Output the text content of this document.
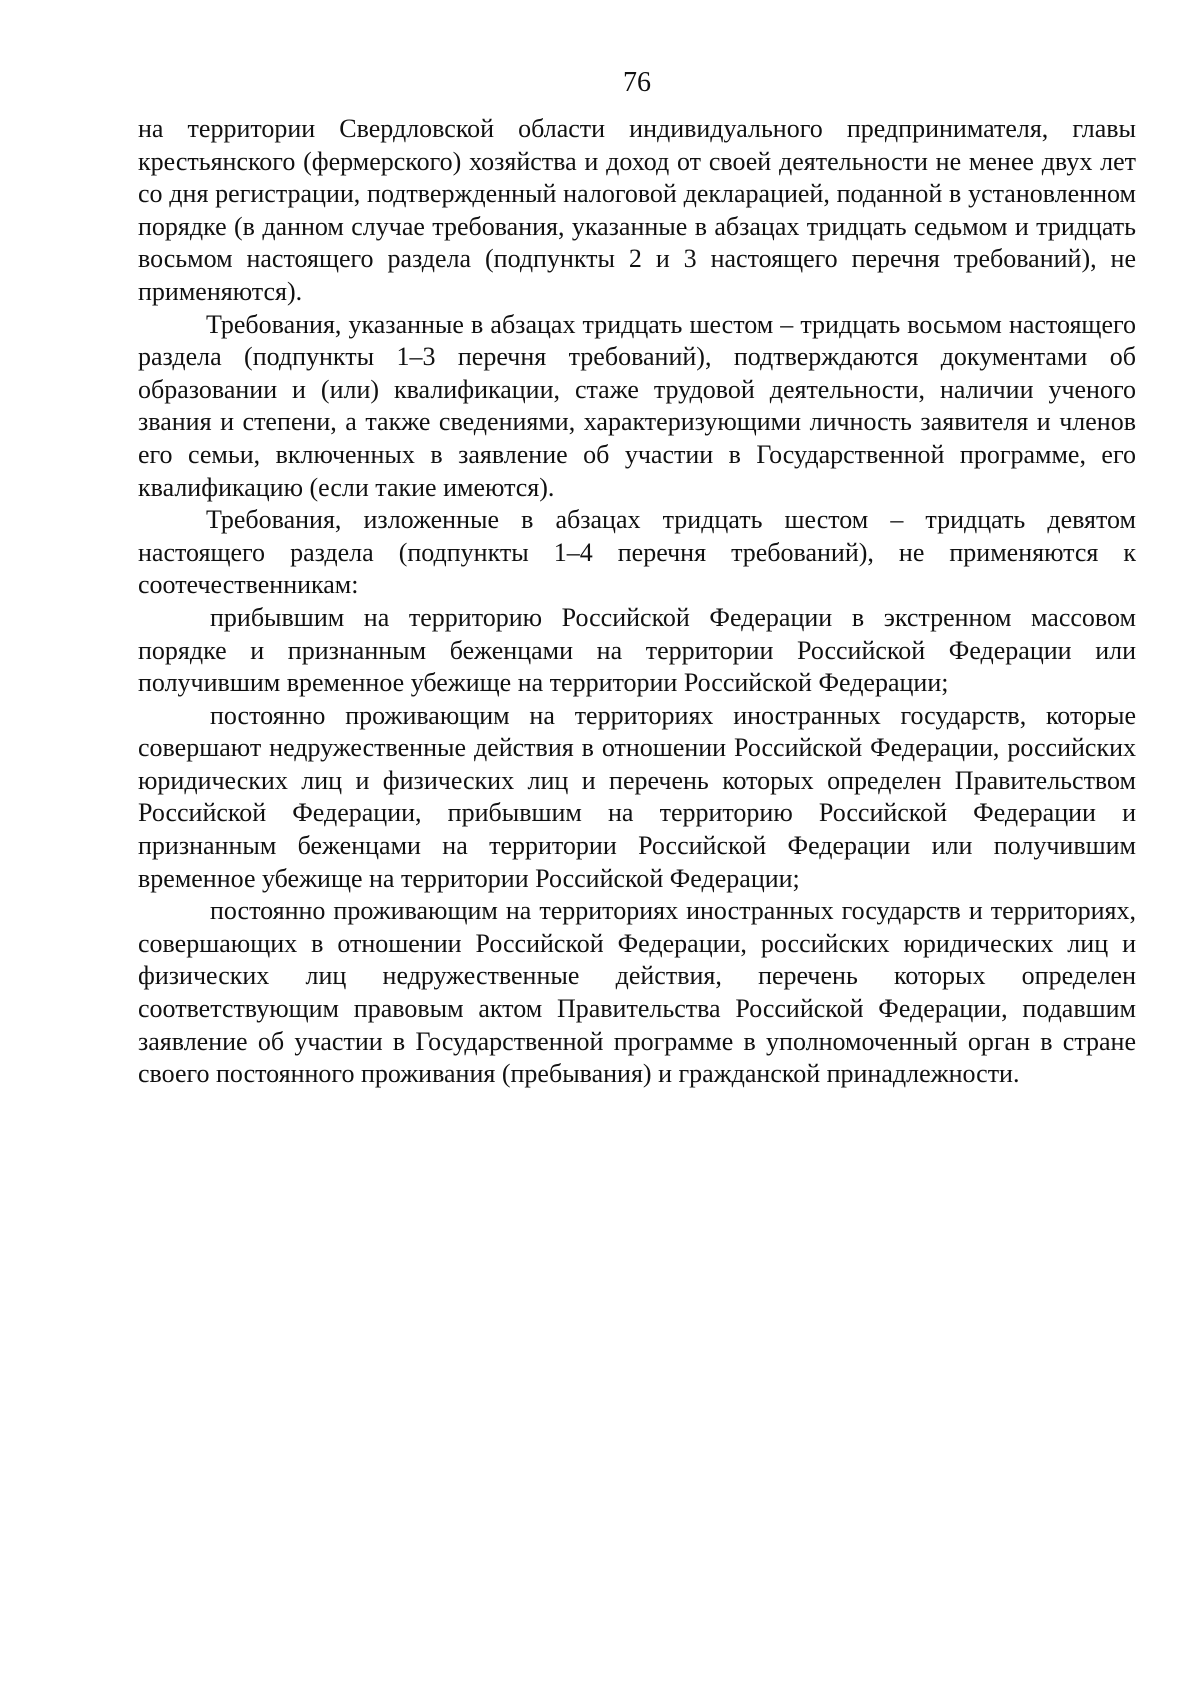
76

на территории Свердловской области индивидуального предпринимателя, главы крестьянского (фермерского) хозяйства и доход от своей деятельности не менее двух лет со дня регистрации, подтвержденный налоговой декларацией, поданной в установленном порядке (в данном случае требования, указанные в абзацах тридцать седьмом и тридцать восьмом настоящего раздела (подпункты 2 и 3 настоящего перечня требований), не применяются).

Требования, указанные в абзацах тридцать шестом – тридцать восьмом настоящего раздела (подпункты 1–3 перечня требований), подтверждаются документами об образовании и (или) квалификации, стаже трудовой деятельности, наличии ученого звания и степени, а также сведениями, характеризующими личность заявителя и членов его семьи, включенных в заявление об участии в Государственной программе, его квалификацию (если такие имеются).

Требования, изложенные в абзацах тридцать шестом – тридцать девятом настоящего раздела (подпункты 1–4 перечня требований), не применяются к соотечественникам:

прибывшим на территорию Российской Федерации в экстренном массовом порядке и признанным беженцами на территории Российской Федерации или получившим временное убежище на территории Российской Федерации;

постоянно проживающим на территориях иностранных государств, которые совершают недружественные действия в отношении Российской Федерации, российских юридических лиц и физических лиц и перечень которых определен Правительством Российской Федерации, прибывшим на территорию Российской Федерации и признанным беженцами на территории Российской Федерации или получившим временное убежище на территории Российской Федерации;

постоянно проживающим на территориях иностранных государств и территориях, совершающих в отношении Российской Федерации, российских юридических лиц и физических лиц недружественные действия, перечень которых определен соответствующим правовым актом Правительства Российской Федерации, подавшим заявление об участии в Государственной программе в уполномоченный орган в стране своего постоянного проживания (пребывания) и гражданской принадлежности.
